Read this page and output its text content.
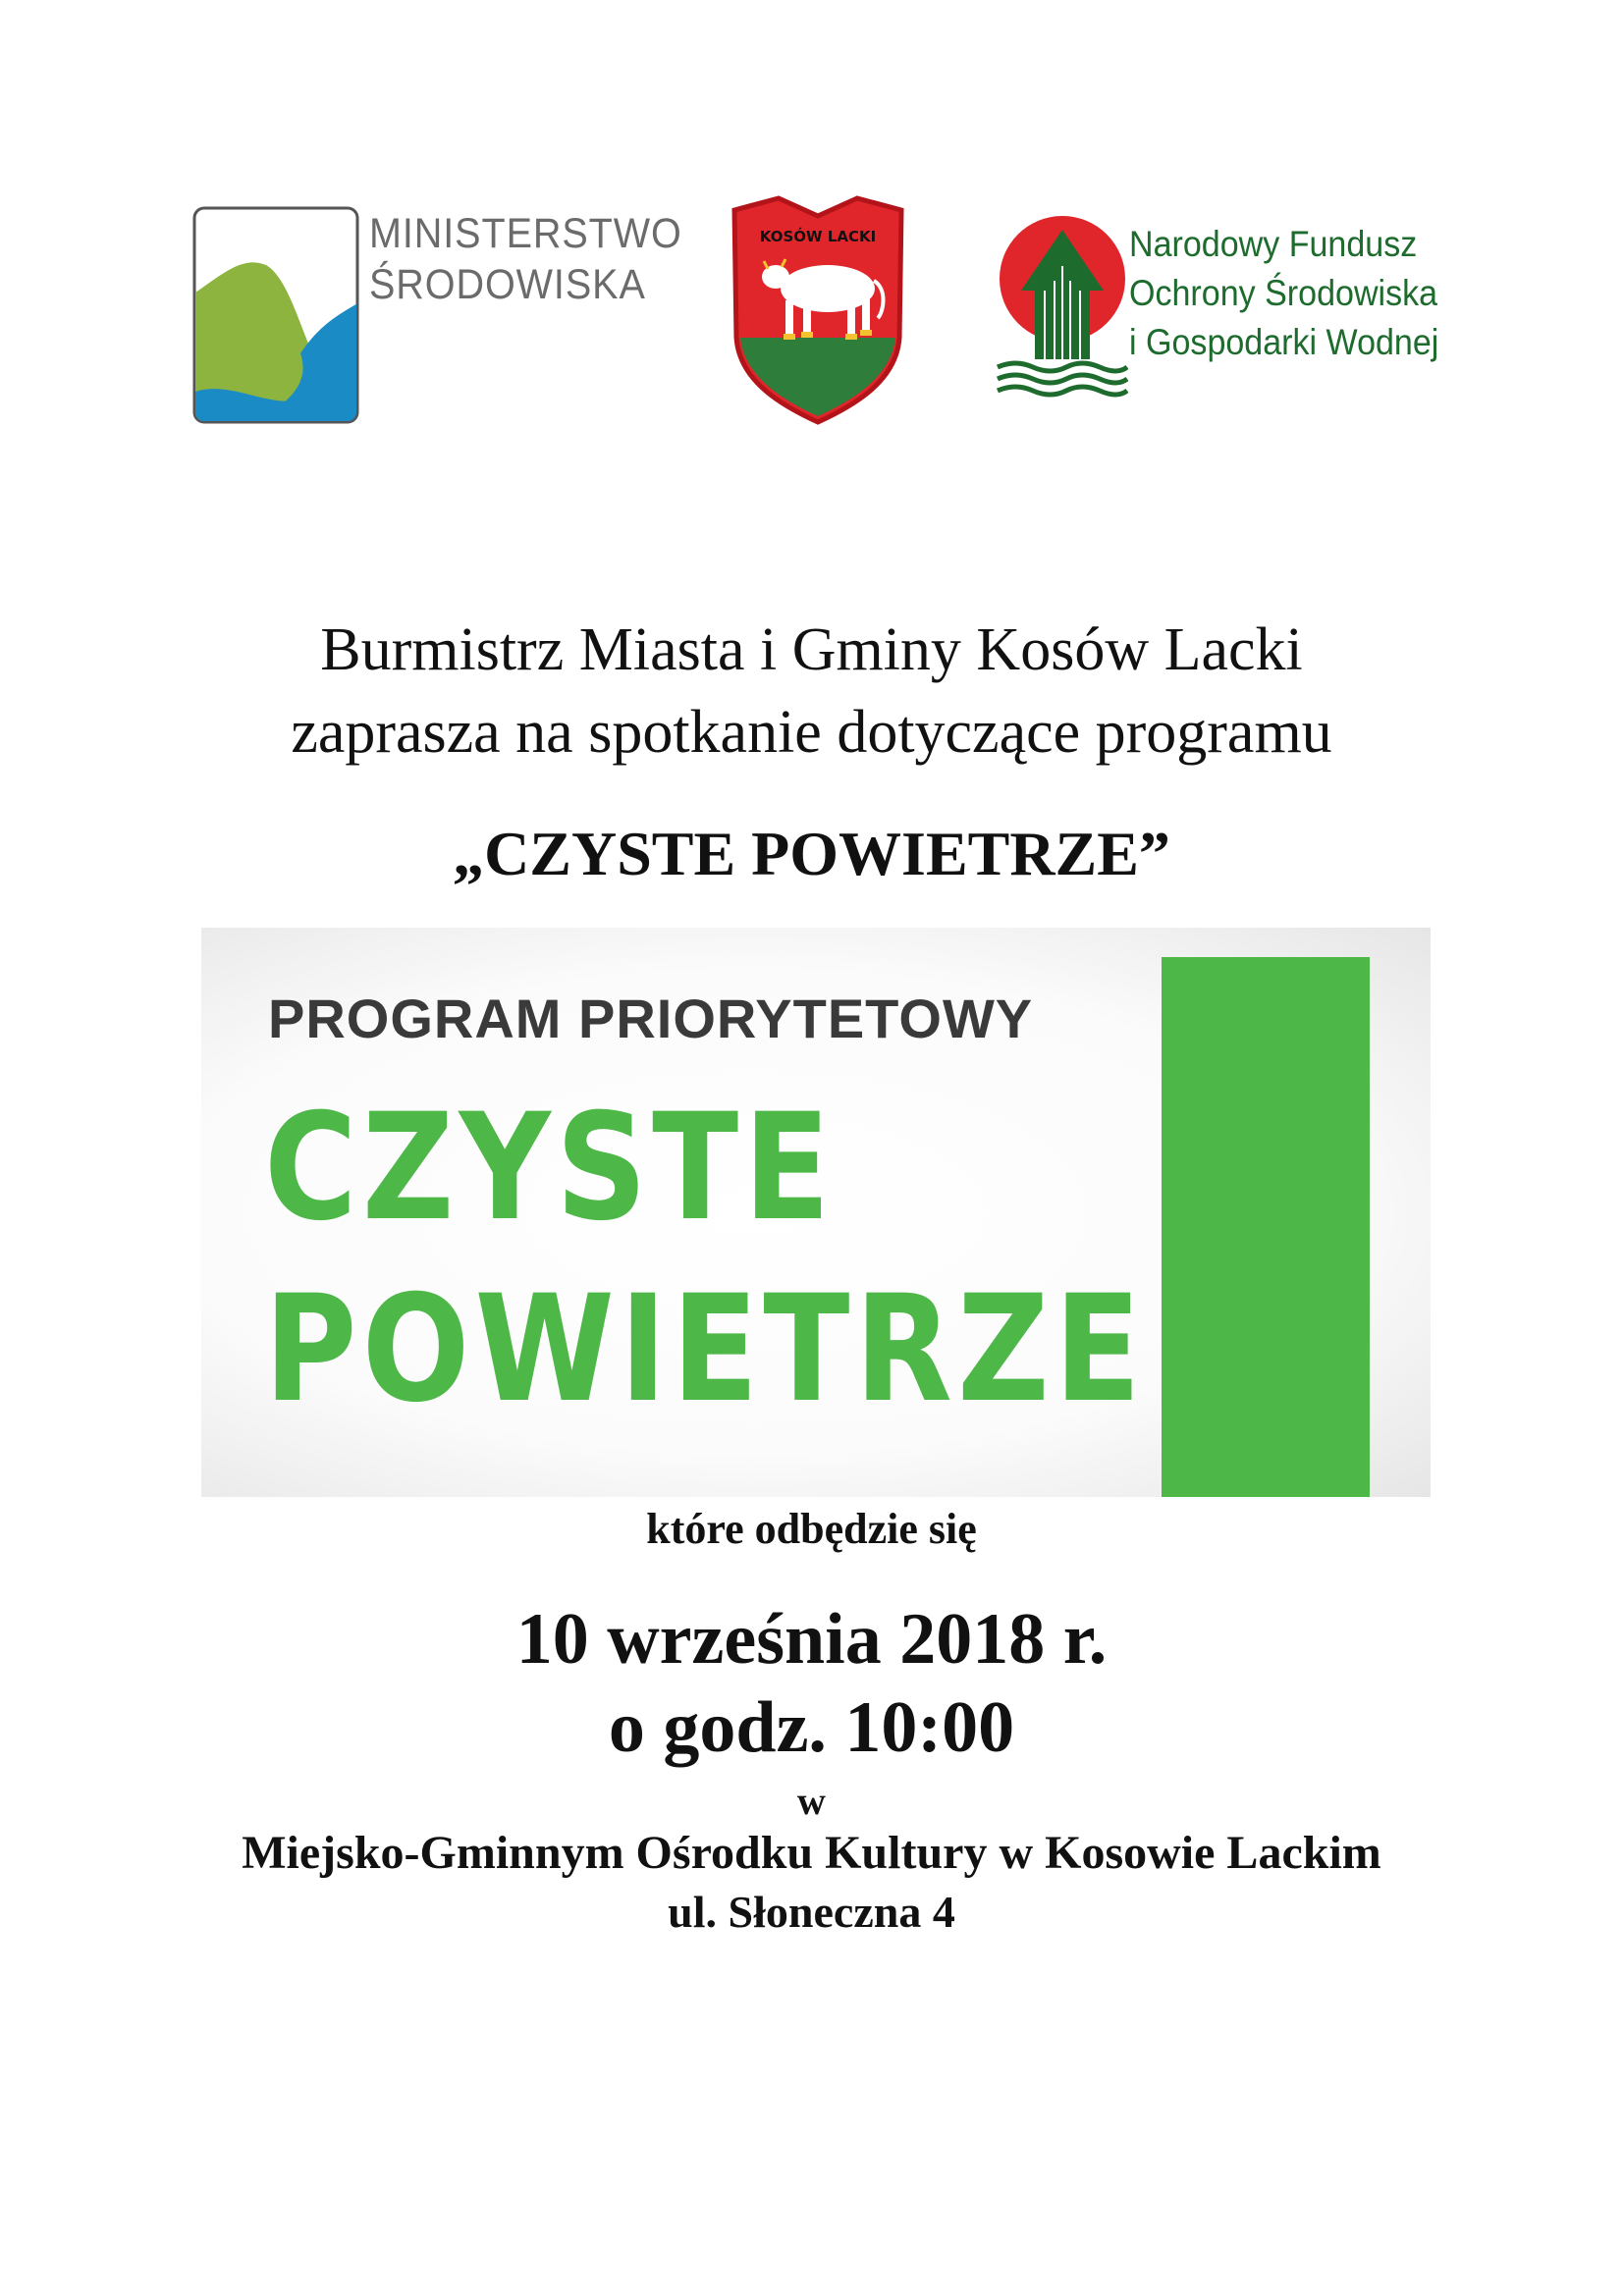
MINISTERSTWO
ŚRODOWISKA
KOSÓW LACKI	Narodowy Fundusz
Ochrony Środowiska
i Gospodarki Wodnej
Burmistrz Miasta i Gminy Kosów Lacki
zaprasza na spotkanie dotyczące programu
„CZYSTE POWIETRZE”
PROGRAM PRIORYTETOWY
CZYSTE
POWIETRZE
które odbędzie się
10 września 2018 r.
o godz. 10:00
w
Miejsko-Gminnym Ośrodku Kultury w Kosowie Lackim
ul. Słoneczna 4
